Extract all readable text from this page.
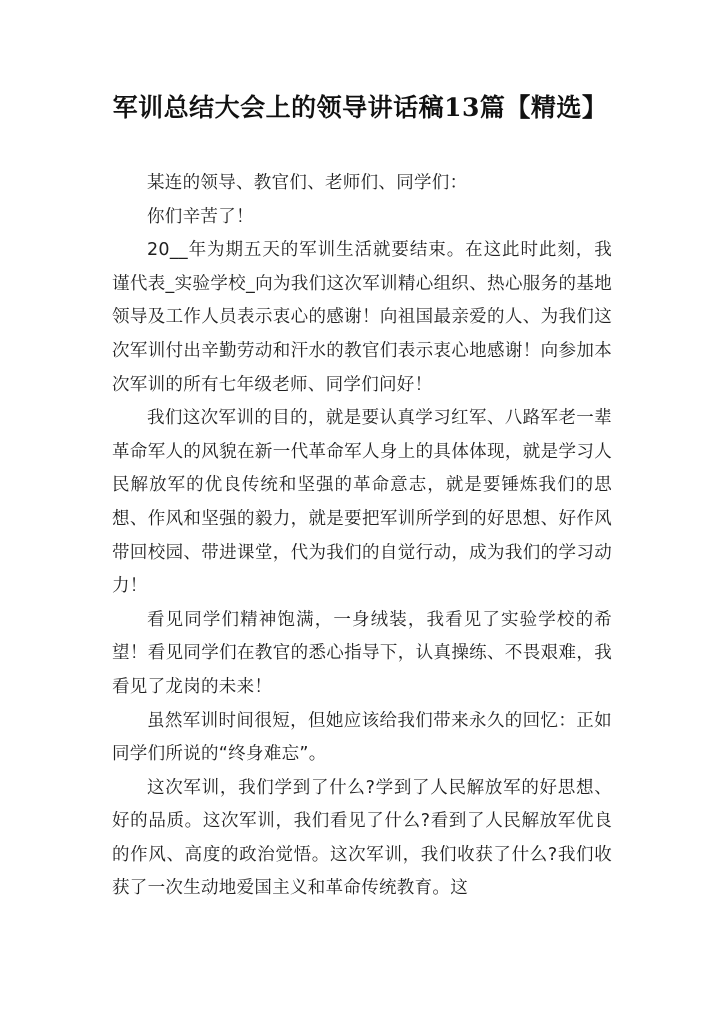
军训总结大会上的领导讲话稿13篇【精选】

某连的领导、教官们、老师们、同学们：

你们辛苦了！

20__年为期五天的军训生活就要结束。在这此时此刻，我谨代表_实验学校_向为我们这次军训精心组织、热心服务的基地领导及工作人员表示衷心的感谢！向祖国最亲爱的人、为我们这次军训付出辛勤劳动和汗水的教官们表示衷心地感谢！向参加本次军训的所有七年级老师、同学们问好！

我们这次军训的目的，就是要认真学习红军、八路军老一辈革命军人的风貌在新一代革命军人身上的具体体现，就是学习人民解放军的优良传统和坚强的革命意志，就是要锤炼我们的思想、作风和坚强的毅力，就是要把军训所学到的好思想、好作风带回校园、带进课堂，代为我们的自觉行动，成为我们的学习动力！

看见同学们精神饱满，一身绒装，我看见了实验学校的希望！看见同学们在教官的悉心指导下，认真操练、不畏艰难，我看见了龙岗的未来！

虽然军训时间很短，但她应该给我们带来永久的回忆：正如同学们所说的“终身难忘”。

这次军训，我们学到了什么?学到了人民解放军的好思想、好的品质。这次军训，我们看见了什么?看到了人民解放军优良的作风、高度的政治觉悟。这次军训，我们收获了什么?我们收获了一次生动地爱国主义和革命传统教育。这
